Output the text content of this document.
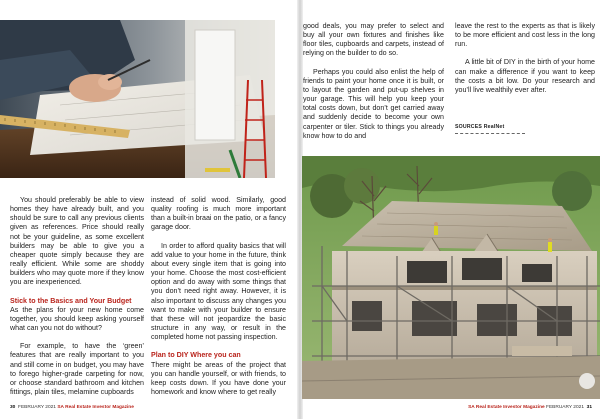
You should preferably be able to view homes they have already built, and you should be sure to call any previous clients given as references. Price should really not be your guideline, as some excellent builders may be able to give you a cheaper quote simply because they are really efficient. While some are shoddy builders who may quote more if they know you are inexperienced.

Stick to the Basics and Your Budget

As the plans for your new home come together, you should keep asking yourself what can you not do without?

For example, to have the ‘green’ features that are really important to you and still come in on budget, you may have to forego higher-grade carpeting for now, or choose standard bathroom and kitchen fittings, plain tiles, melamine cupboards

instead of solid wood. Similarly, good quality roofing is much more important than a built-in braai on the patio, or a fancy garage door.

In order to afford quality basics that will add value to your home in the future, think about every single item that is going into your home. Choose the most cost-efficient option and do away with some things that you don’t need right away. However, it is also important to discuss any changes you want to make with your builder to ensure that these will not jeopardize the basic structure in any way, or result in the completed home not passing inspection.

Plan to DIY Where you can

There might be areas of the project that you can handle yourself, or with friends, to keep costs down. If you have done your homework and know where to get really

good deals, you may prefer to select and buy all your own fixtures and finishes like floor tiles, cupboards and carpets, instead of relying on the builder to do so.

Perhaps you could also enlist the help of friends to paint your home once it is built, or to layout the garden and put-up shelves in your garage. This will help you keep your total costs down, but don’t get carried away and suddenly decide to become your own carpenter or tiler. Stick to things you already know how to do and

leave the rest to the experts as that is likely to be more efficient and cost less in the long run.

A little bit of DIY in the birth of your home can make a difference if you want to keep the costs a bit low. Do your research and you’ll live wealthily ever after.

SOURCES RealNet
30 FEBRUARY 2021 SA Real Estate Investor Magazine	SA Real Estate Investor Magazine FEBRUARY 2021 31
